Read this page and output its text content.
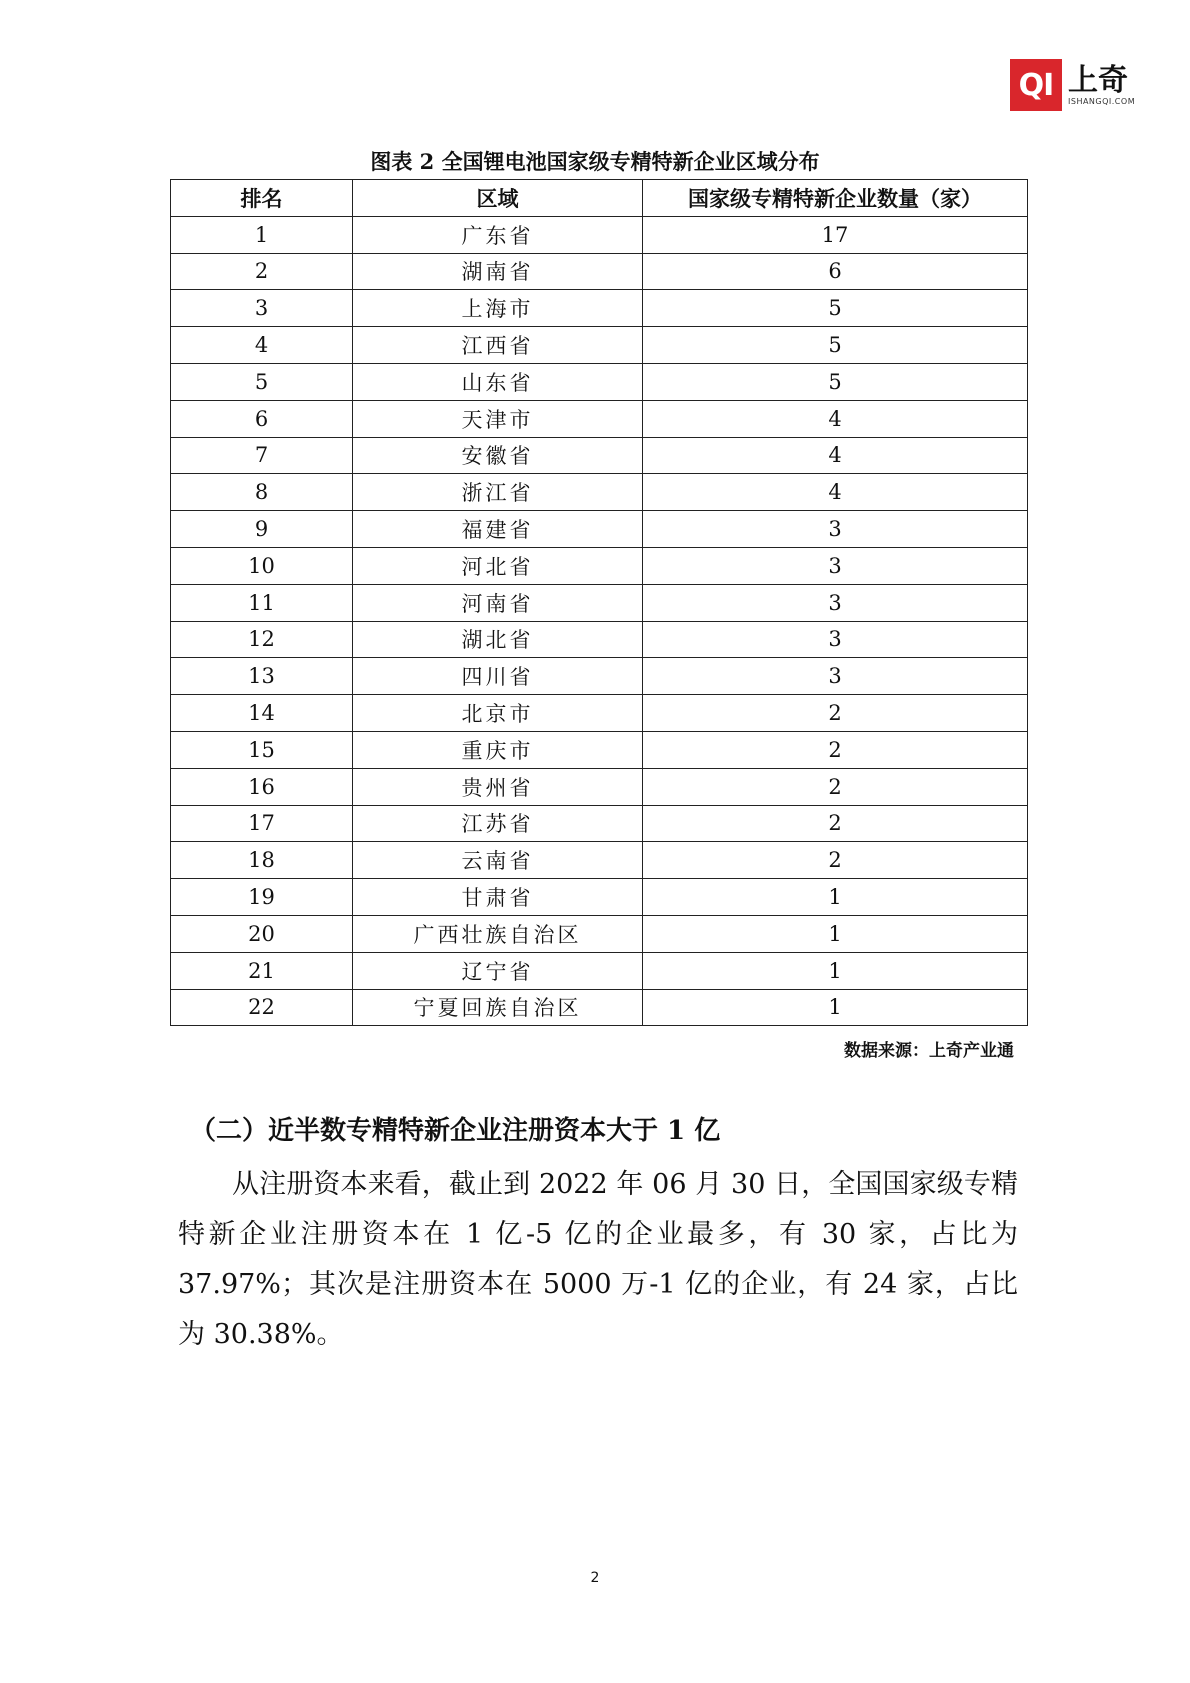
QI 上奇
ISHANGQI.COM
图表 2 全国锂电池国家级专精特新企业区域分布
排名	区域	国家级专精特新企业数量（家）
1	广东省	17
2	湖南省	6
3	上海市	5
4	江西省	5
5	山东省	5
6	天津市	4
7	安徽省	4
8	浙江省	4
9	福建省	3
10	河北省	3
11	河南省	3
12	湖北省	3
13	四川省	3
14	北京市	2
15	重庆市	2
16	贵州省	2
17	江苏省	2
18	云南省	2
19	甘肃省	1
20	广西壮族自治区	1
21	辽宁省	1
22	宁夏回族自治区	1
数据来源：上奇产业通
（二）近半数专精特新企业注册资本大于 1 亿
从注册资本来看，截止到 2022 年 06 月 30 日，全国国家级专精特新企业注册资本在 1 亿-5 亿的企业最多，有 30 家，占比为 37.97%；其次是注册资本在 5000 万-1 亿的企业，有 24 家，占比为 30.38%。
2
